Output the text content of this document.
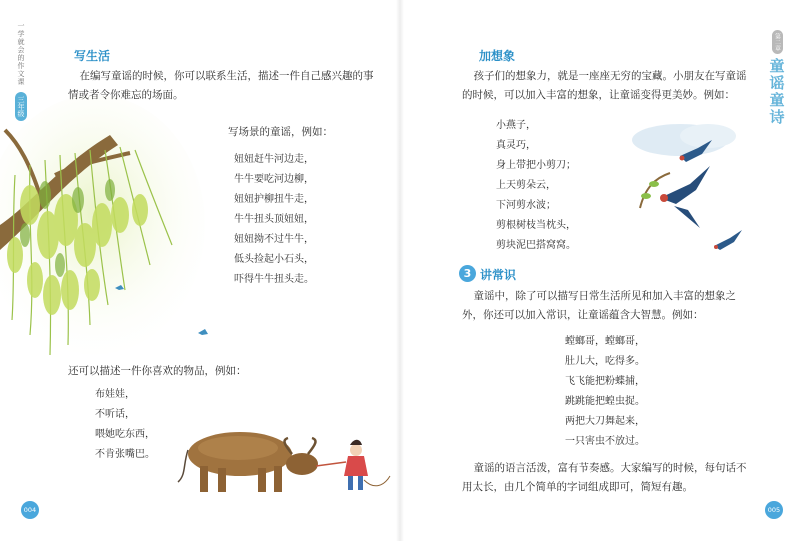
一学就会的作文课
三年级
写生活
在编写童谣的时候，你可以联系生活，描述一件自己感兴趣的事情或者令你难忘的场面。
写场景的童谣，例如：
妞妞赶牛河边走，
牛牛要吃河边柳，
妞妞护柳扭牛走，
牛牛扭头顶妞妞，
妞妞拗不过牛牛，
低头捡起小石头，
吓得牛牛扭头走。
还可以描述一件你喜欢的物品，例如：
布娃娃，
不听话，
喂她吃东西，
不肯张嘴巴。
004
第二章
童谣童诗
加想象
孩子们的想象力，就是一座座无穷的宝藏。小朋友在写童谣的时候，可以加入丰富的想象，让童谣变得更美妙。例如：
小燕子，
真灵巧，
身上带把小剪刀；
上天剪朵云，
下河剪水波；
剪根树枝当枕头，
剪块泥巴搭窝窝。
3 讲常识
童谣中，除了可以描写日常生活所见和加入丰富的想象之外，你还可以加入常识，让童谣蕴含大智慧。例如：
螳螂哥，螳螂哥，
肚儿大，吃得多。
飞飞能把粉蝶捕，
跳跳能把蝗虫捉。
两把大刀舞起来，
一只害虫不放过。
童谣的语言活泼，富有节奏感。大家编写的时候，每句话不用太长，由几个简单的字词组成即可，简短有趣。
005
